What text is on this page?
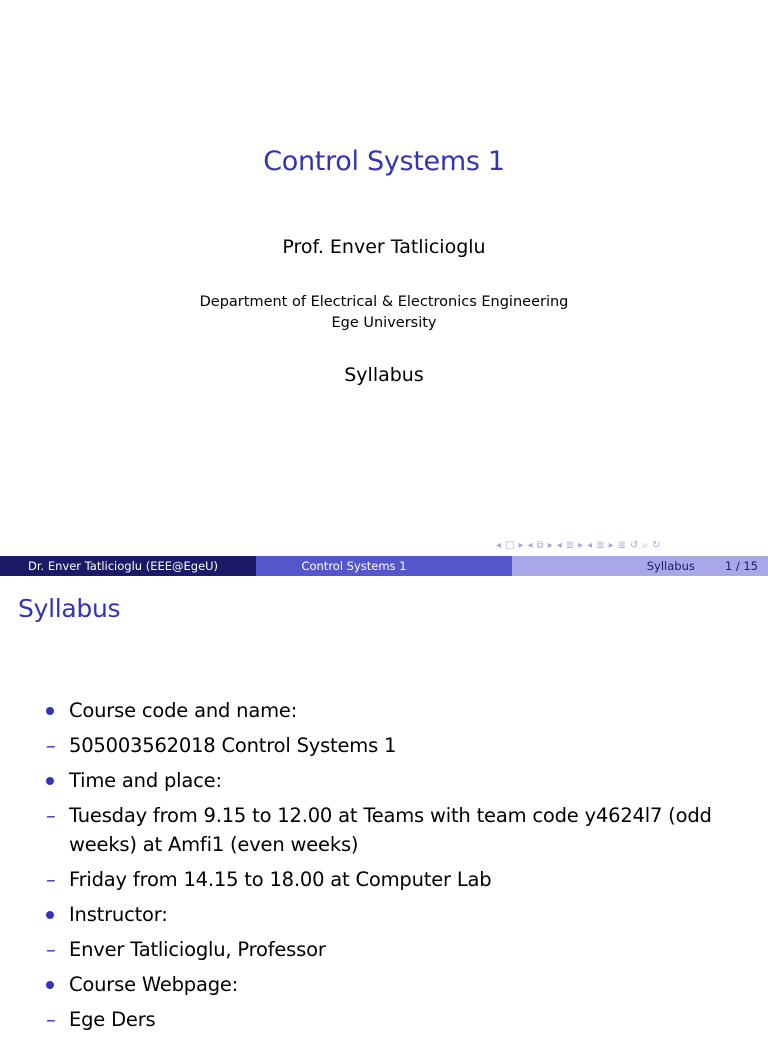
Control Systems 1
Prof. Enver Tatlicioglu
Department of Electrical & Electronics Engineering
Ege University
Syllabus
◂ □ ▸ ◂ ⧉ ▸ ◂ ≣ ▸ ◂ ≣ ▸ ≣ ↺ ⌕ ↻
Dr. Enver Tatlicioglu (EEE@EgeU)	Control Systems 1	Syllabus	1 / 15
Syllabus
Course code and name:
– 505003562018 Control Systems 1
Time and place:
– Tuesday from 9.15 to 12.00 at Teams with team code y4624l7 (odd weeks) at Amfi1 (even weeks)
– Friday from 14.15 to 18.00 at Computer Lab
Instructor:
– Enver Tatlicioglu, Professor
Course Webpage:
– Ege Ders
